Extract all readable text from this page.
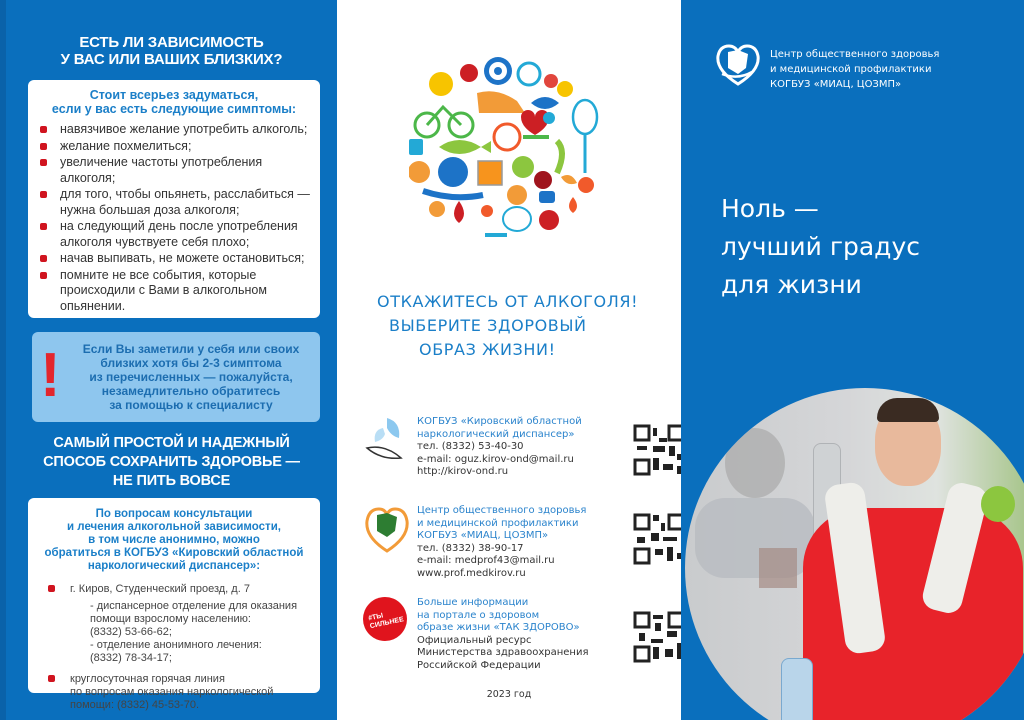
ЕСТЬ ЛИ ЗАВИСИМОСТЬ
У ВАС ИЛИ ВАШИХ БЛИЗКИХ?
Стоит всерьез задуматься,
если у вас есть следующие симптомы:
навязчивое желание употребить алкоголь;
желание похмелиться;
увеличение частоты употребления алкоголя;
для того, чтобы опьянеть, расслабиться — нужна большая доза алкоголя;
на следующий день после употребления алкоголя чувствуете себя плохо;
начав выпивать, не можете остановиться;
помните не все события, которые происходили с Вами в алкогольном опьянении.
!	Если Вы заметили у себя или своих
близких хотя бы 2-3 симптома
из перечисленных — пожалуйста,
незамедлительно обратитесь
за помощью к специалисту
САМЫЙ ПРОСТОЙ И НАДЕЖНЫЙ
СПОСОБ СОХРАНИТЬ ЗДОРОВЬЕ —
НЕ ПИТЬ ВОВСЕ
По вопросам консультации
и лечения алкогольной зависимости,
в том числе анонимно, можно
обратиться в КОГБУЗ «Кировский областной
наркологический диспансер»:
г. Киров, Студенческий проезд, д. 7
- диспансерное отделение для оказания
помощи взрослому населению:
(8332) 53-66-62;
- отделение анонимного лечения:
(8332) 78-34-17;
круглосуточная горячая линия
по вопросам оказания наркологической
помощи: (8332) 45-53-70.
ОТКАЖИТЕСЬ ОТ АЛКОГОЛЯ!
ВЫБЕРИТЕ ЗДОРОВЫЙ
ОБРАЗ ЖИЗНИ!
КОГБУЗ «Кировский областной
наркологический диспансер»
тел. (8332) 53-40-30
e-mail: oguz.kirov-ond@mail.ru
http://kirov-ond.ru
Центр общественного здоровья
и медицинской профилактики
КОГБУЗ «МИАЦ, ЦОЗМП»
тел. (8332) 38-90-17
e-mail: medprof43@mail.ru
www.prof.medkirov.ru
#ТЫ СИЛЬНЕЕ
Больше информации
на портале о здоровом
образе жизни «ТАК ЗДОРОВО»
Официальный ресурс
Министерства здравоохранения
Российской Федерации
2023 год
Центр общественного здоровья
и медицинской профилактики
КОГБУЗ «МИАЦ, ЦОЗМП»
Ноль —
лучший градус
для жизни
